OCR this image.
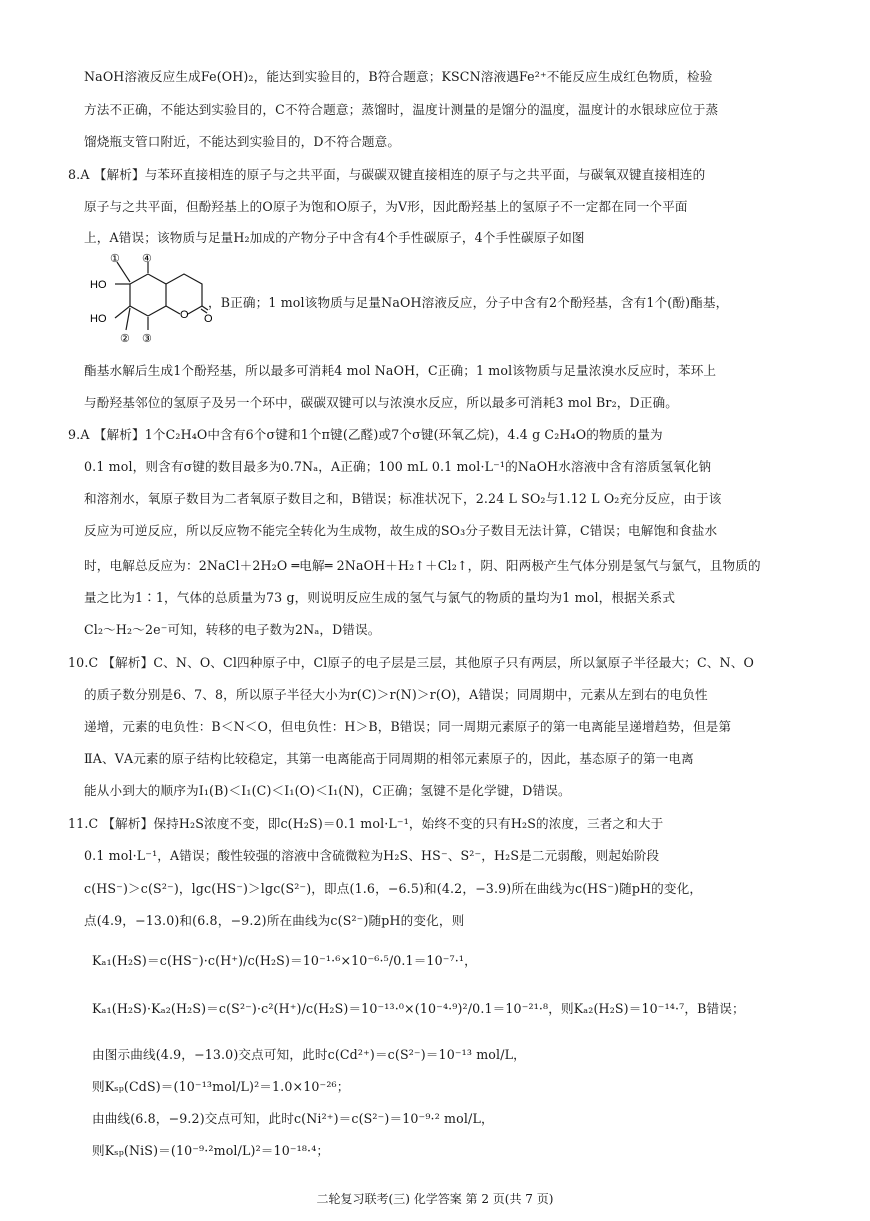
NaOH溶液反应生成Fe(OH)₂，能达到实验目的，B符合题意；KSCN溶液遇Fe²⁺不能反应生成红色物质，检验
方法不正确，不能达到实验目的，C不符合题意；蒸馏时，温度计测量的是馏分的温度，温度计的水银球应位于蒸
馏烧瓶支管口附近，不能达到实验目的，D不符合题意。
8.A 【解析】与苯环直接相连的原子与之共平面，与碳碳双键直接相连的原子与之共平面，与碳氧双键直接相连的
原子与之共平面，但酚羟基上的O原子为饱和O原子，为V形，因此酚羟基上的氢原子不一定都在同一个平面
上，A错误；该物质与足量H₂加成的产物分子中含有4个手性碳原子，4个手性碳原子如图
HO
HO	O O
① ④
② ③
，B正确；1 mol该物质与足量NaOH溶液反应，分子中含有2个酚羟基，含有1个(酚)酯基，
酯基水解后生成1个酚羟基，所以最多可消耗4 mol NaOH，C正确；1 mol该物质与足量浓溴水反应时，苯环上
与酚羟基邻位的氢原子及另一个环中，碳碳双键可以与浓溴水反应，所以最多可消耗3 mol Br₂，D正确。
9.A 【解析】1个C₂H₄O中含有6个σ键和1个π键(乙醛)或7个σ键(环氧乙烷)，4.4 g C₂H₄O的物质的量为
0.1 mol，则含有σ键的数目最多为0.7Nₐ，A正确；100 mL 0.1 mol·L⁻¹的NaOH水溶液中含有溶质氢氧化钠
和溶剂水，氧原子数目为二者氧原子数目之和，B错误；标准状况下，2.24 L SO₂与1.12 L O₂充分反应，由于该
反应为可逆反应，所以反应物不能完全转化为生成物，故生成的SO₃分子数目无法计算，C错误；电解饱和食盐水
时，电解总反应为：2NaCl＋2H₂O ═电解═ 2NaOH＋H₂↑＋Cl₂↑，阴、阳两极产生气体分别是氢气与氯气，且物质的
量之比为1∶1，气体的总质量为73 g，则说明反应生成的氢气与氯气的物质的量均为1 mol，根据关系式
Cl₂～H₂～2e⁻可知，转移的电子数为2Nₐ，D错误。
10.C 【解析】C、N、O、Cl四种原子中，Cl原子的电子层是三层，其他原子只有两层，所以氯原子半径最大；C、N、O
的质子数分别是6、7、8，所以原子半径大小为r(C)＞r(N)＞r(O)，A错误；同周期中，元素从左到右的电负性
递增，元素的电负性：B＜N＜O，但电负性：H＞B，B错误；同一周期元素原子的第一电离能呈递增趋势，但是第
ⅡA、ⅤA元素的原子结构比较稳定，其第一电离能高于同周期的相邻元素原子的，因此，基态原子的第一电离
能从小到大的顺序为I₁(B)＜I₁(C)＜I₁(O)＜I₁(N)，C正确；氢键不是化学键，D错误。
11.C 【解析】保持H₂S浓度不变，即c(H₂S)＝0.1 mol·L⁻¹，始终不变的只有H₂S的浓度，三者之和大于
0.1 mol·L⁻¹，A错误；酸性较强的溶液中含硫微粒为H₂S、HS⁻、S²⁻，H₂S是二元弱酸，则起始阶段
c(HS⁻)＞c(S²⁻)，lgc(HS⁻)＞lgc(S²⁻)，即点(1.6，−6.5)和(4.2，−3.9)所在曲线为c(HS⁻)随pH的变化，
点(4.9，−13.0)和(6.8，−9.2)所在曲线为c(S²⁻)随pH的变化，则
Kₐ₁(H₂S)＝c(HS⁻)·c(H⁺)/c(H₂S)＝10⁻¹·⁶×10⁻⁶·⁵/0.1＝10⁻⁷·¹，
Kₐ₁(H₂S)·Kₐ₂(H₂S)＝c(S²⁻)·c²(H⁺)/c(H₂S)＝10⁻¹³·⁰×(10⁻⁴·⁹)²/0.1＝10⁻²¹·⁸，则Kₐ₂(H₂S)＝10⁻¹⁴·⁷，B错误；
由图示曲线(4.9，−13.0)交点可知，此时c(Cd²⁺)＝c(S²⁻)＝10⁻¹³ mol/L，
则Kₛₚ(CdS)＝(10⁻¹³mol/L)²＝1.0×10⁻²⁶；
由曲线(6.8，−9.2)交点可知，此时c(Ni²⁺)＝c(S²⁻)＝10⁻⁹·² mol/L，
则Kₛₚ(NiS)＝(10⁻⁹·²mol/L)²＝10⁻¹⁸·⁴；
二轮复习联考(三) 化学答案 第 2 页(共 7 页)
